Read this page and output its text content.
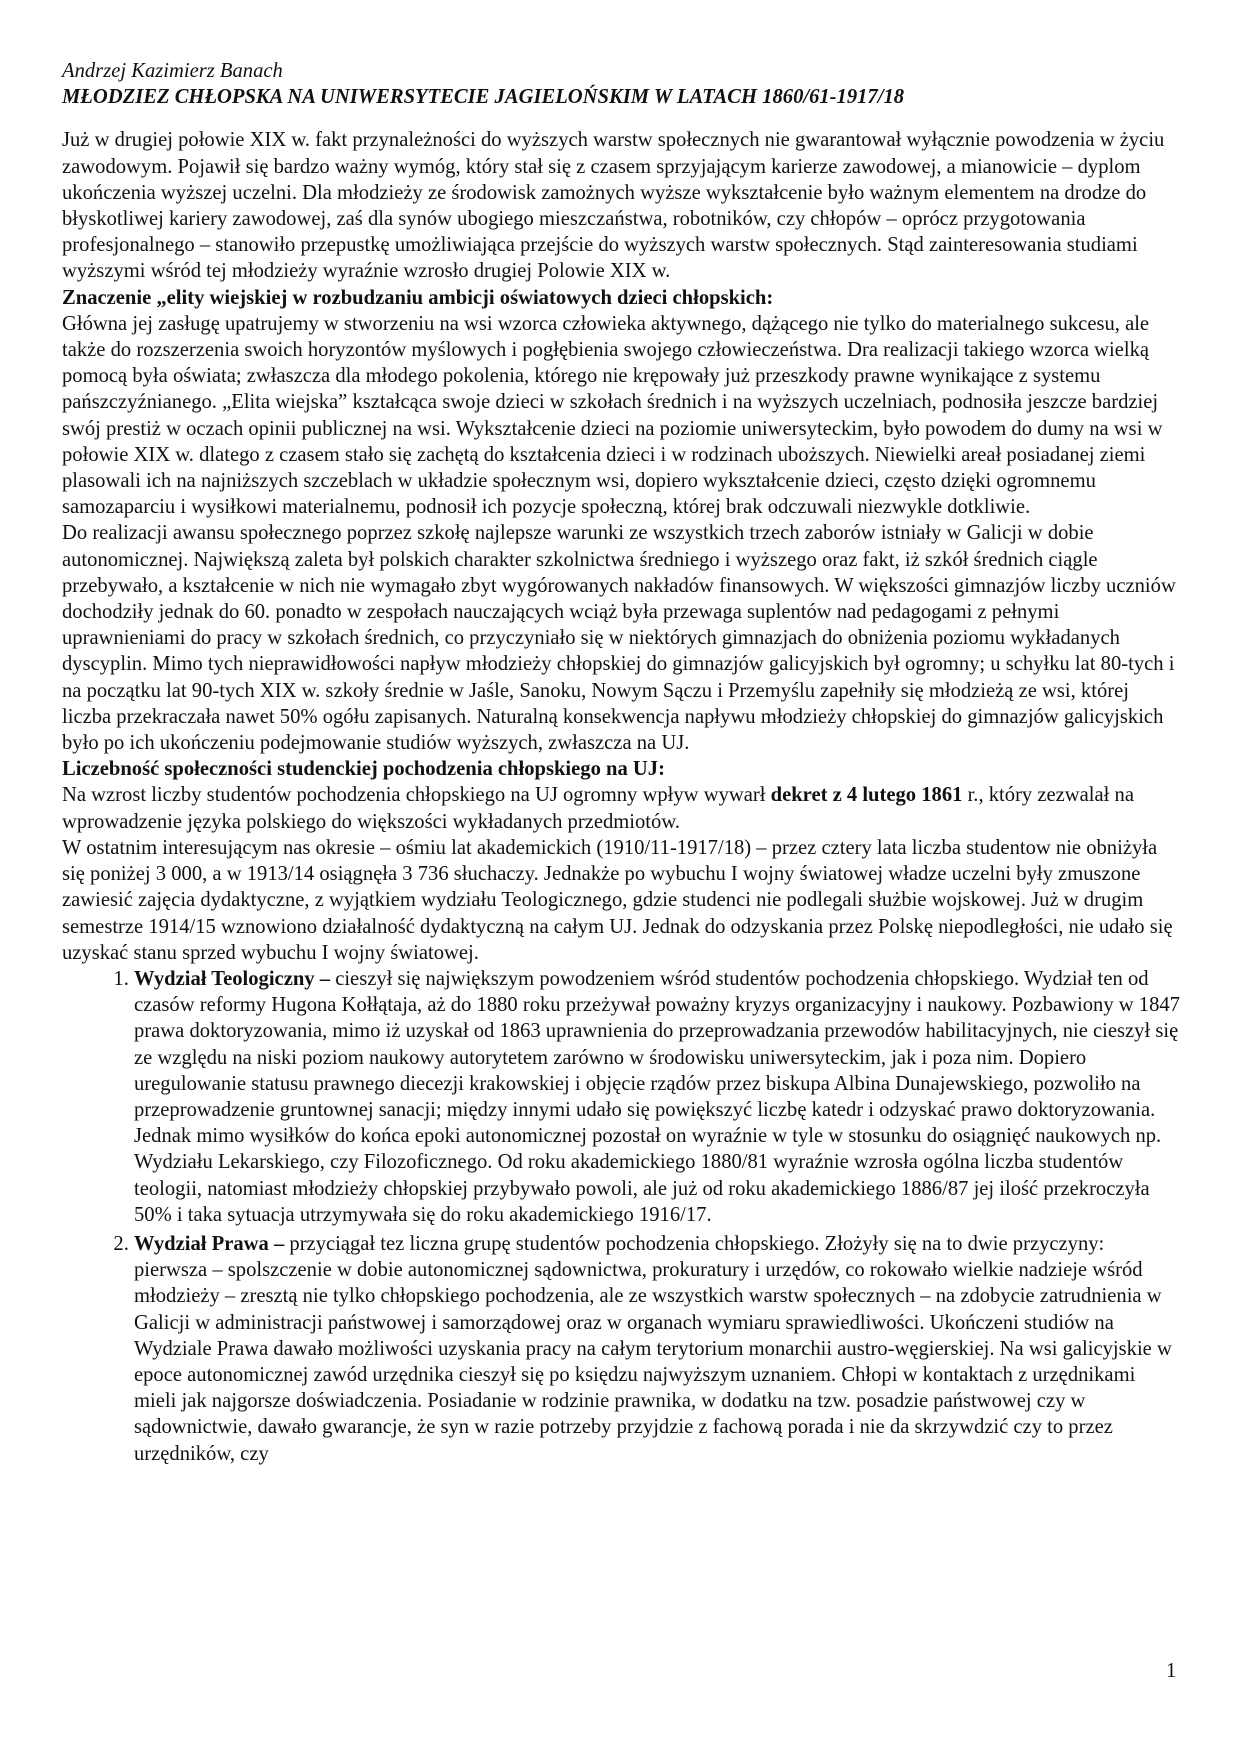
Andrzej Kazimierz Banach

MŁODZIEZ CHŁOPSKA NA UNIWERSYTECIE JAGIELOŃSKIM W LATACH 1860/61-1917/18

Już w drugiej połowie XIX w. fakt przynależności do wyższych warstw społecznych nie gwarantował wyłącznie powodzenia w życiu zawodowym. Pojawił się bardzo ważny wymóg, który stał się z czasem sprzyjającym karierze zawodowej, a mianowicie – dyplom ukończenia wyższej uczelni. Dla młodzieży ze środowisk zamożnych wyższe wykształcenie było ważnym elementem na drodze do błyskotliwej kariery zawodowej, zaś dla synów ubogiego mieszczaństwa, robotników, czy chłopów – oprócz przygotowania profesjonalnego – stanowiło przepustkę umożliwiająca przejście do wyższych warstw społecznych. Stąd zainteresowania studiami wyższymi wśród tej młodzieży wyraźnie wzrosło drugiej Polowie XIX w.

Znaczenie „elity wiejskiej w rozbudzaniu ambicji oświatowych dzieci chłopskich:

Główna jej zasługę upatrujemy w stworzeniu na wsi wzorca człowieka aktywnego, dążącego nie tylko do materialnego sukcesu, ale także do rozszerzenia swoich horyzontów myślowych i pogłębienia swojego człowieczeństwa. Dra realizacji takiego wzorca wielką pomocą była oświata; zwłaszcza dla młodego pokolenia, którego nie krępowały już przeszkody prawne wynikające z systemu pańszczyźnianego. „Elita wiejska” kształcąca swoje dzieci w szkołach średnich i na wyższych uczelniach, podnosiła jeszcze bardziej swój prestiż w oczach opinii publicznej na wsi. Wykształcenie dzieci na poziomie uniwersyteckim, było powodem do dumy na wsi w połowie XIX w. dlatego z czasem stało się zachętą do kształcenia dzieci i w rodzinach uboższych. Niewielki areał posiadanej ziemi plasowali ich na najniższych szczeblach w układzie społecznym wsi, dopiero wykształcenie dzieci, często dzięki ogromnemu samozaparciu i wysiłkowi materialnemu, podnosił ich pozycje społeczną, której brak odczuwali niezwykle dotkliwie.

Do realizacji awansu społecznego poprzez szkołę najlepsze warunki ze wszystkich trzech zaborów istniały w Galicji w dobie autonomicznej. Największą zaleta był polskich charakter szkolnictwa średniego i wyższego oraz fakt, iż szkół średnich ciągle przebywało, a kształcenie w nich nie wymagało zbyt wygórowanych nakładów finansowych. W większości gimnazjów liczby uczniów dochodziły jednak do 60. ponadto w zespołach nauczających wciąż była przewaga suplentów nad pedagogami z pełnymi uprawnieniami do pracy w szkołach średnich, co przyczyniało się w niektórych gimnazjach do obniżenia poziomu wykładanych dyscyplin. Mimo tych nieprawidłowości napływ młodzieży chłopskiej do gimnazjów galicyjskich był ogromny; u schyłku lat 80-tych i na początku lat 90-tych XIX w. szkoły średnie w Jaśle, Sanoku, Nowym Sączu i Przemyślu zapełniły się młodzieżą ze wsi, której liczba przekraczała nawet 50% ogółu zapisanych. Naturalną konsekwencja napływu młodzieży chłopskiej do gimnazjów galicyjskich było po ich ukończeniu podejmowanie studiów wyższych, zwłaszcza na UJ.

Liczebność społeczności studenckiej pochodzenia chłopskiego na UJ:

Na wzrost liczby studentów pochodzenia chłopskiego na UJ ogromny wpływ wywarł dekret z 4 lutego 1861 r., który zezwalał na wprowadzenie języka polskiego do większości wykładanych przedmiotów.

W ostatnim interesującym nas okresie – ośmiu lat akademickich (1910/11-1917/18) – przez cztery lata liczba studentow nie obniżyła się poniżej 3 000, a w 1913/14 osiągnęła 3 736 słuchaczy. Jednakże po wybuchu I wojny światowej władze uczelni były zmuszone zawiesić zajęcia dydaktyczne, z wyjątkiem wydziału Teologicznego, gdzie studenci nie podlegali służbie wojskowej. Już w drugim semestrze 1914/15 wznowiono działalność dydaktyczną na całym UJ. Jednak do odzyskania przez Polskę niepodległości, nie udało się uzyskać stanu sprzed wybuchu I wojny światowej.

1. Wydział Teologiczny – cieszył się największym powodzeniem wśród studentów pochodzenia chłopskiego. Wydział ten od czasów reformy Hugona Kołłątaja, aż do 1880 roku przeżywał poważny kryzys organizacyjny i naukowy. Pozbawiony w 1847 prawa doktoryzowania, mimo iż uzyskał od 1863 uprawnienia do przeprowadzania przewodów habilitacyjnych, nie cieszył się ze względu na niski poziom naukowy autorytetem zarówno w środowisku uniwersyteckim, jak i poza nim. Dopiero uregulowanie statusu prawnego diecezji krakowskiej i objęcie rządów przez biskupa Albina Dunajewskiego, pozwoliło na przeprowadzenie gruntownej sanacji; między innymi udało się powiększyć liczbę katedr i odzyskać prawo doktoryzowania. Jednak mimo wysiłków do końca epoki autonomicznej pozostał on wyraźnie w tyle w stosunku do osiągnięć naukowych np. Wydziału Lekarskiego, czy Filozoficznego. Od roku akademickiego 1880/81 wyraźnie wzrosła ogólna liczba studentów teologii, natomiast młodzieży chłopskiej przybywało powoli, ale już od roku akademickiego 1886/87 jej ilość przekroczyła 50% i taka sytuacja utrzymywała się do roku akademickiego 1916/17.
2. Wydział Prawa – przyciągał tez liczna grupę studentów pochodzenia chłopskiego. Złożyły się na to dwie przyczyny: pierwsza – spolszczenie w dobie autonomicznej sądownictwa, prokuratury i urzędów, co rokowało wielkie nadzieje wśród młodzieży – zresztą nie tylko chłopskiego pochodzenia, ale ze wszystkich warstw społecznych – na zdobycie zatrudnienia w Galicji w administracji państwowej i samorządowej oraz w organach wymiaru sprawiedliwości. Ukończeni studiów na Wydziale Prawa dawało możliwości uzyskania pracy na całym terytorium monarchii austro-węgierskiej. Na wsi galicyjskie w epoce autonomicznej zawód urzędnika cieszył się po księdzu najwyższym uznaniem. Chłopi w kontaktach z urzędnikami mieli jak najgorsze doświadczenia. Posiadanie w rodzinie prawnika, w dodatku na tzw. posadzie państwowej czy w sądownictwie, dawało gwarancje, że syn w razie potrzeby przyjdzie z fachową porada i nie da skrzywdzić czy to przez urzędników, czy
1
